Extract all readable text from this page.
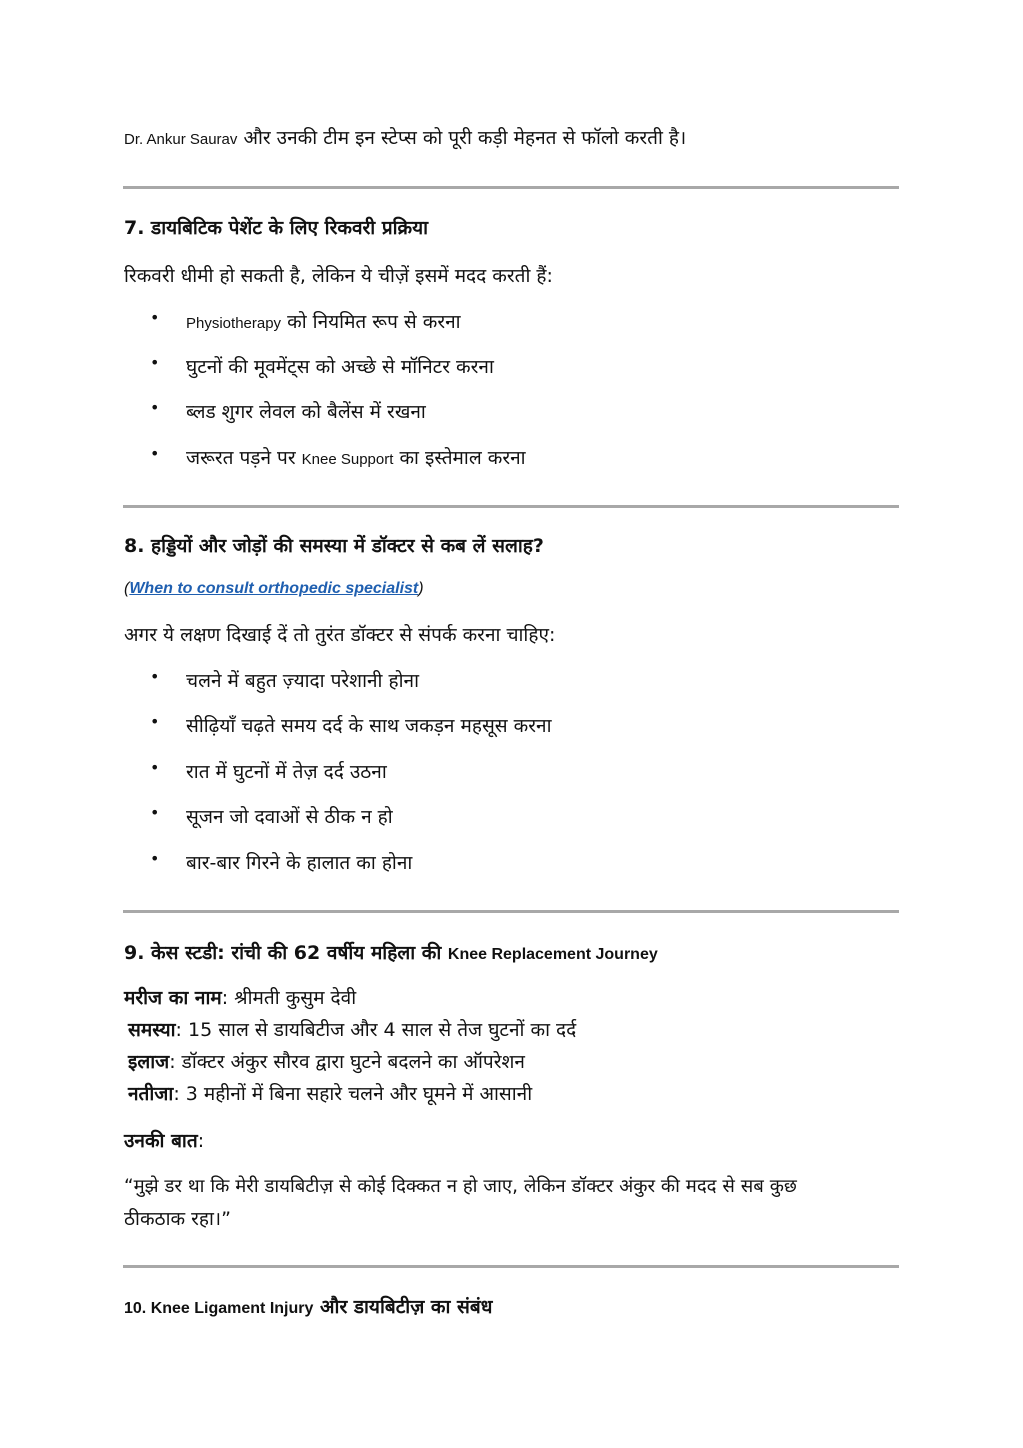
Dr. Ankur Saurav और उनकी टीम इन स्टेप्स को पूरी कड़ी मेहनत से फॉलो करती है।
7. डायबिटिक पेशेंट के लिए रिकवरी प्रक्रिया
रिकवरी धीमी हो सकती है, लेकिन ये चीज़ें इसमें मदद करती हैं:
• Physiotherapy को नियमित रूप से करना
• घुटनों की मूवमेंट्स को अच्छे से मॉनिटर करना
• ब्लड शुगर लेवल को बैलेंस में रखना
• जरूरत पड़ने पर Knee Support का इस्तेमाल करना
8. हड्डियों और जोड़ों की समस्या में डॉक्टर से कब लें सलाह?
(When to consult orthopedic specialist)
अगर ये लक्षण दिखाई दें तो तुरंत डॉक्टर से संपर्क करना चाहिए:
• चलने में बहुत ज़्यादा परेशानी होना
• सीढ़ियाँ चढ़ते समय दर्द के साथ जकड़न महसूस करना
• रात में घुटनों में तेज़ दर्द उठना
• सूजन जो दवाओं से ठीक न हो
• बार-बार गिरने के हालात का होना
9. केस स्टडी: रांची की 62 वर्षीय महिला की Knee Replacement Journey
मरीज का नाम: श्रीमती कुसुम देवी
समस्या: 15 साल से डायबिटीज और 4 साल से तेज घुटनों का दर्द
इलाज: डॉक्टर अंकुर सौरव द्वारा घुटने बदलने का ऑपरेशन
नतीजा: 3 महीनों में बिना सहारे चलने और घूमने में आसानी
उनकी बात:
“मुझे डर था कि मेरी डायबिटीज़ से कोई दिक्कत न हो जाए, लेकिन डॉक्टर अंकुर की मदद से सब कुछ
ठीकठाक रहा।”
10. Knee Ligament Injury और डायबिटीज़ का संबंध
